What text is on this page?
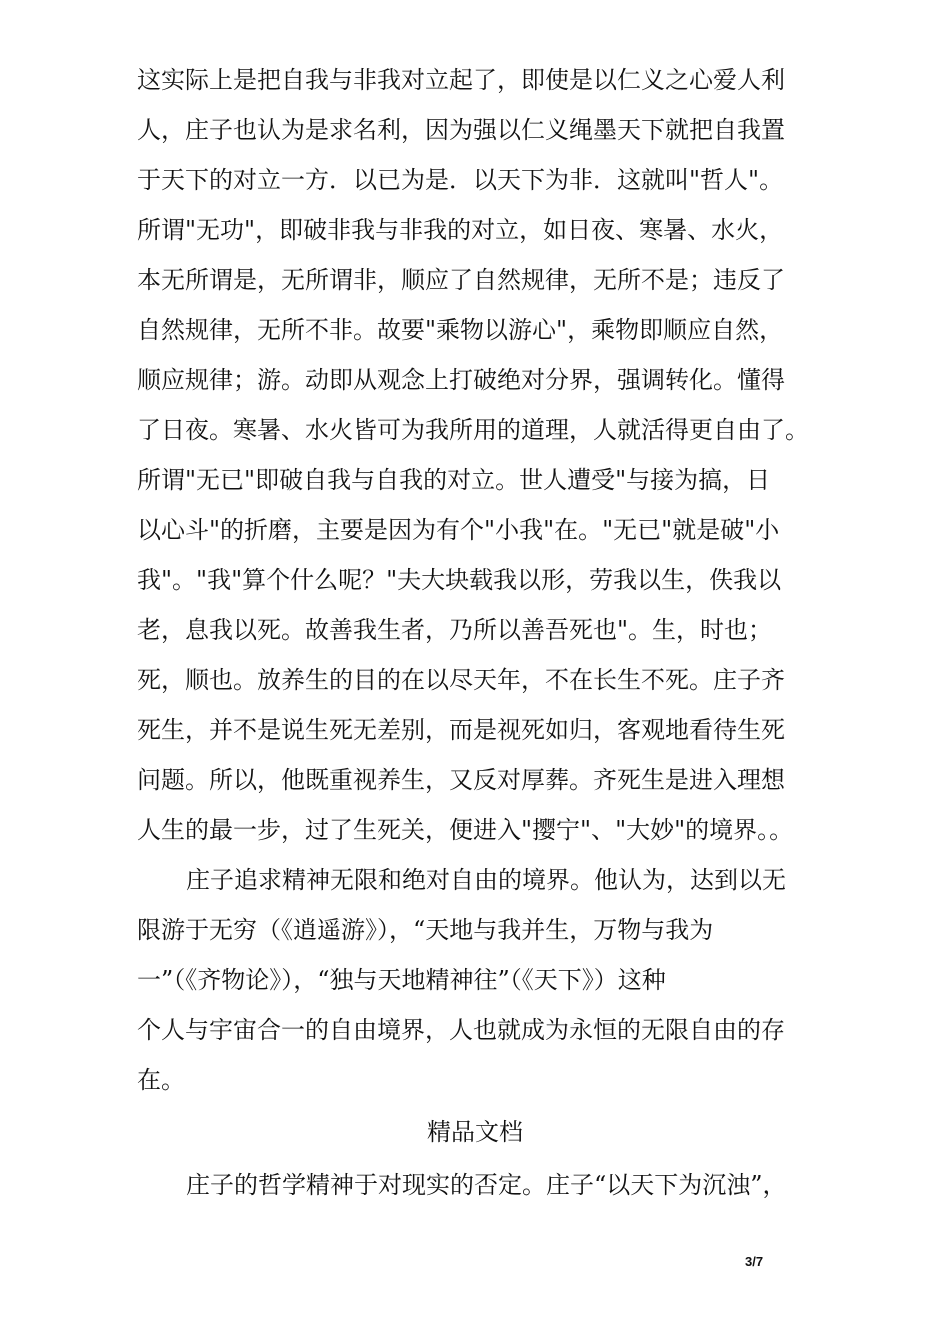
这实际上是把自我与非我对立起了，即使是以仁义之心爱人利
人，庄子也认为是求名利，因为强以仁义绳墨天下就把自我置
于天下的对立一方．以已为是．以天下为非．这就叫"哲人"。
所谓"无功"，即破非我与非我的对立，如日夜、寒暑、水火，
本无所谓是，无所谓非，顺应了自然规律，无所不是；违反了
自然规律，无所不非。故要"乘物以游心"，乘物即顺应自然，
顺应规律；游。动即从观念上打破绝对分界，强调转化。懂得
了日夜。寒暑、水火皆可为我所用的道理，人就活得更自由了。
所谓"无已"即破自我与自我的对立。世人遭受"与接为搞，日
以心斗"的折磨，主要是因为有个"小我"在。"无已"就是破"小
我"。"我"算个什么呢？"夫大块载我以形，劳我以生，佚我以
老，息我以死。故善我生者，乃所以善吾死也"。生，时也；
死，顺也。放养生的目的在以尽天年，不在长生不死。庄子齐
死生，并不是说生死无差别，而是视死如归，客观地看待生死
问题。所以，他既重视养生，又反对厚葬。齐死生是进入理想
人生的最一步，过了生死关，便进入"撄宁"、"大妙"的境界。。
庄子追求精神无限和绝对自由的境界。他认为，达到以无
限游于无穷（《逍遥游》），“天地与我并生，万物与我为
一”（《齐物论》），“独与天地精神往”（《天下》）这种
个人与宇宙合一的自由境界，人也就成为永恒的无限自由的存
在。
精品文档
庄子的哲学精神于对现实的否定。庄子“以天下为沉浊”，
3/7
